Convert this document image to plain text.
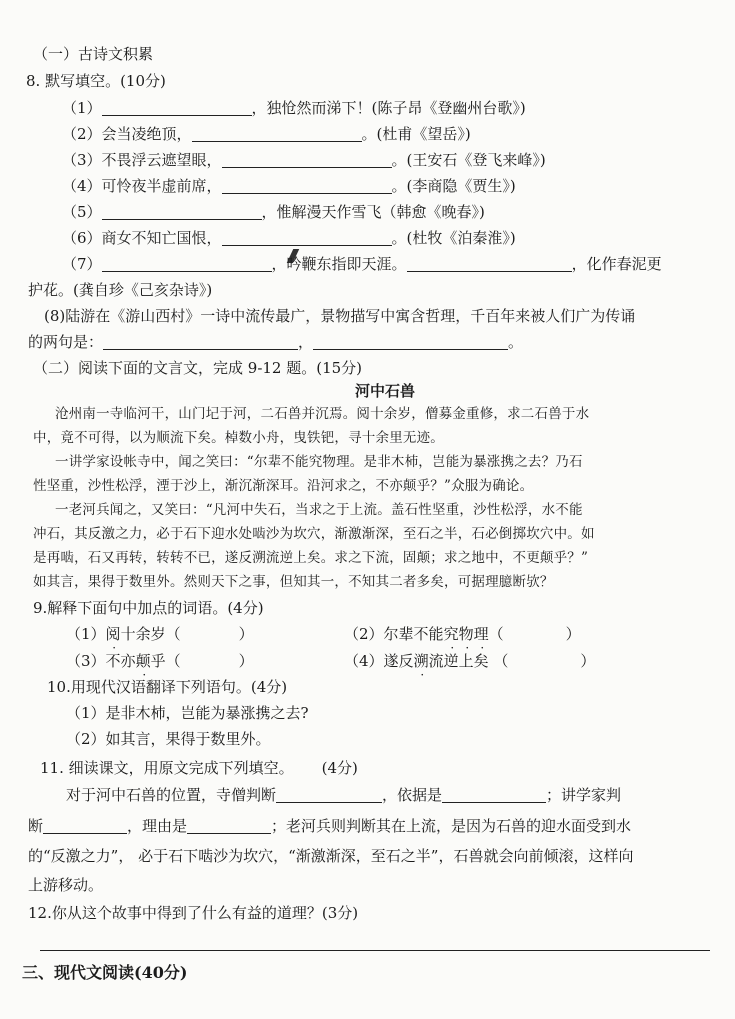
（一）古诗文积累
8. 默写填空。(10分)
（1）	，独怆然而涕下！(陈子昂《登幽州台歌》)
（2）会当凌绝顶，	。(杜甫《望岳》)
（3）不畏浮云遮望眼，	。(王安石《登飞来峰》)
（4）可怜夜半虚前席，	。(李商隐《贾生》)
（5）	，惟解漫天作雪飞（韩愈《晚春》)
（6）商女不知亡国恨，	。(杜牧《泊秦淮》)
（7）	，吟鞭东指即天涯。	，化作春泥更
护花。(龚自珍《己亥杂诗》)
(8)陆游在《游山西村》一诗中流传最广，景物描写中寓含哲理，千百年来被人们广为传诵
的两句是：	，	。
（二）阅读下面的文言文，完成 9-12 题。(15分)
河中石兽
沧州南一寺临河干，山门圮于河，二石兽并沉焉。阅十余岁，僧募金重修，求二石兽于水
中，竟不可得，以为顺流下矣。棹数小舟，曳铁钯，寻十余里无迹。
一讲学家设帐寺中，闻之笑曰：“尔辈不能究物理。是非木杮，岂能为暴涨携之去？乃石
性坚重，沙性松浮，湮于沙上，渐沉渐深耳。沿河求之，不亦颠乎？”众服为确论。
一老河兵闻之，又笑曰：“凡河中失石，当求之于上流。盖石性坚重，沙性松浮，水不能
冲石，其反激之力，必于石下迎水处啮沙为坎穴，渐激渐深，至石之半，石必倒掷坎穴中。如
是再啮，石又再转，转转不已，遂反溯流逆上矣。求之下流，固颠；求之地中，不更颠乎？”
如其言，果得于数里外。然则天下之事，但知其一，不知其二者多矣，可据理臆断欤？
9.解释下面句中加点的词语。(4分)
（1）阅十余岁（	）	（2）尔辈不能究物理（	）
（3）不亦颠乎（	）	（4）遂反溯流逆上矣 （	）
10.用现代汉语翻译下列语句。(4分)
（1）是非木杮，岂能为暴涨携之去?
（2）如其言，果得于数里外。
11. 细读课文，用原文完成下列填空。 (4分)
对于河中石兽的位置，寺僧判断	，依据是	；讲学家判
断	，理由是	；老河兵则判断其在上流，是因为石兽的迎水面受到水
的“反激之力”， 必于石下啮沙为坎穴，“渐激渐深，至石之半”，石兽就会向前倾滚，这样向
上游移动。
12.你从这个故事中得到了什么有益的道理？(3分)
三、现代文阅读(40分)
